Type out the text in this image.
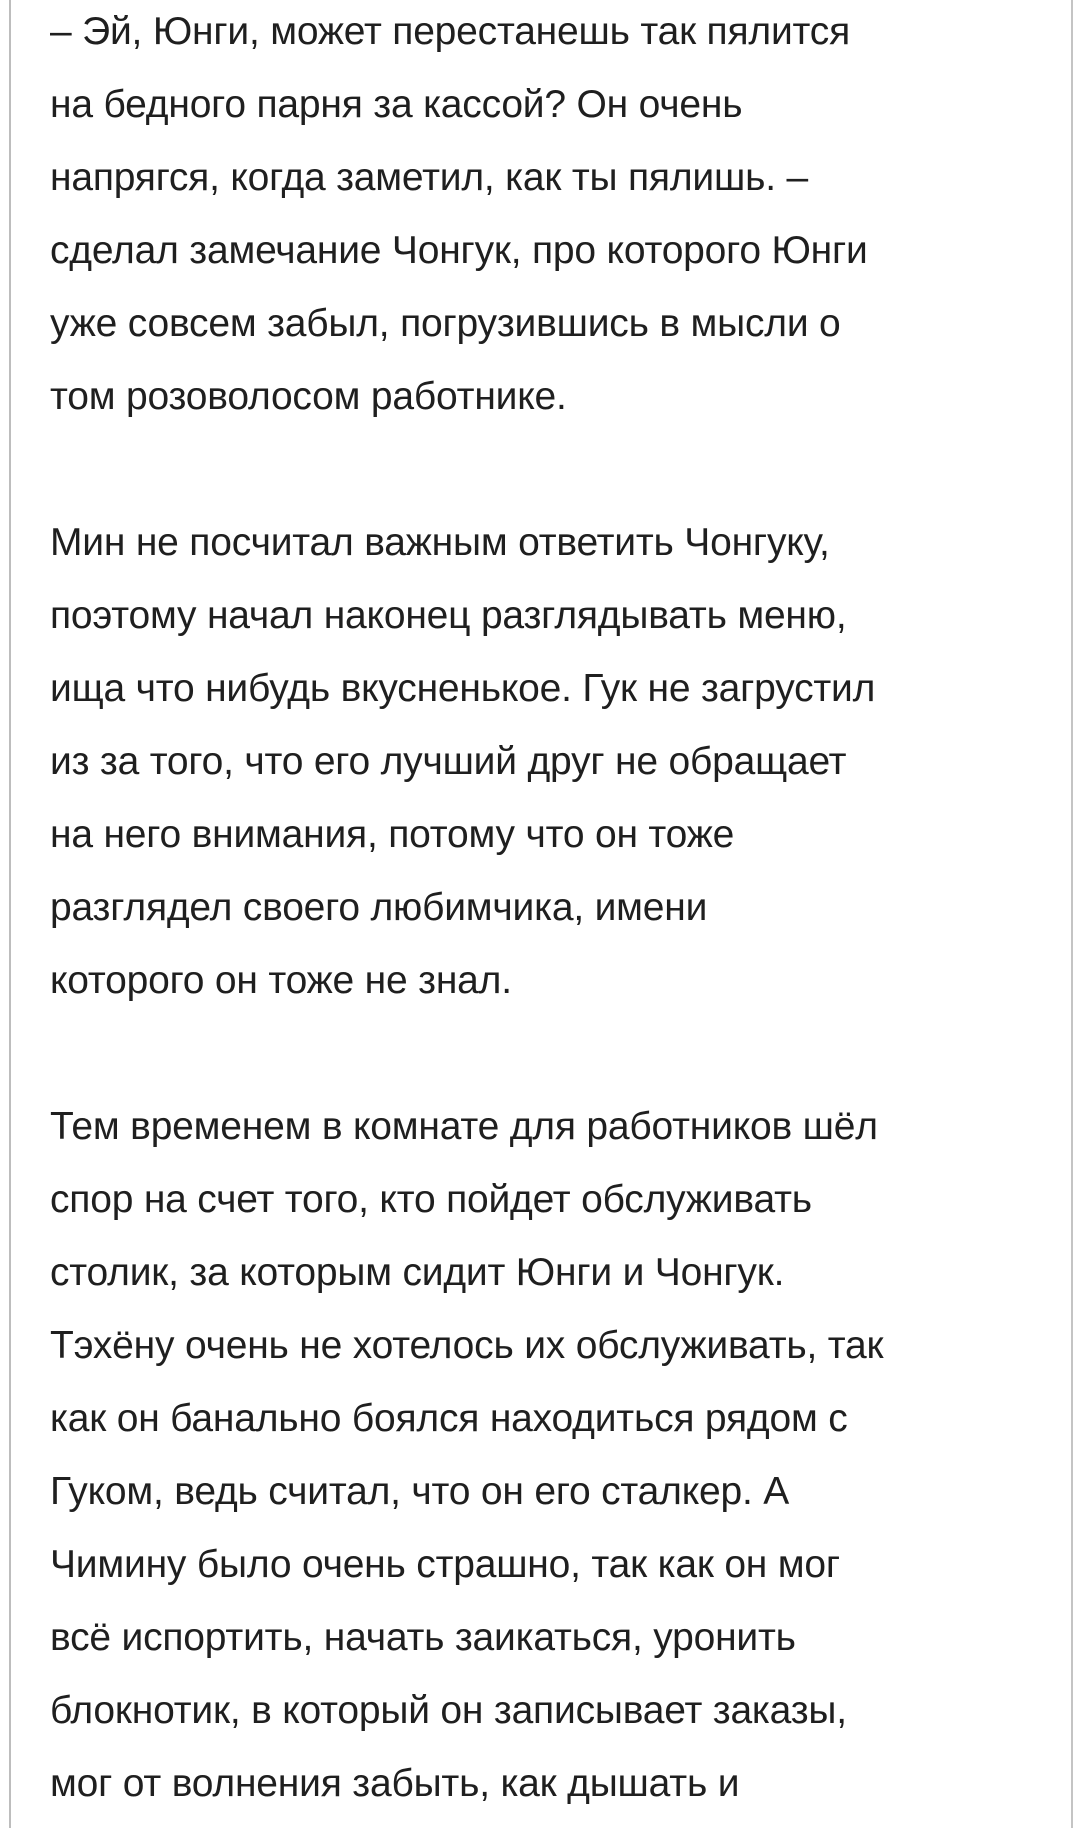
– Эй, Юнги, может перестанешь так пялится
на бедного парня за кассой? Он очень
напрягся, когда заметил, как ты пялишь. –
сделал замечание Чонгук, про которого Юнги
уже совсем забыл, погрузившись в мысли о
том розоволосом работнике.
Мин не посчитал важным ответить Чонгуку,
поэтому начал наконец разглядывать меню,
ища что нибудь вкусненькое. Гук не загрустил
из за того, что его лучший друг не обращает
на него внимания, потому что он тоже
разглядел своего любимчика, имени
которого он тоже не знал.
Тем временем в комнате для работников шёл
спор на счет того, кто пойдет обслуживать
столик, за которым сидит Юнги и Чонгук.
Тэхёну очень не хотелось их обслуживать, так
как он банально боялся находиться рядом с
Гуком, ведь считал, что он его сталкер. А
Чимину было очень страшно, так как он мог
всё испортить, начать заикаться, уронить
блокнотик, в который он записывает заказы,
мог от волнения забыть, как дышать и
